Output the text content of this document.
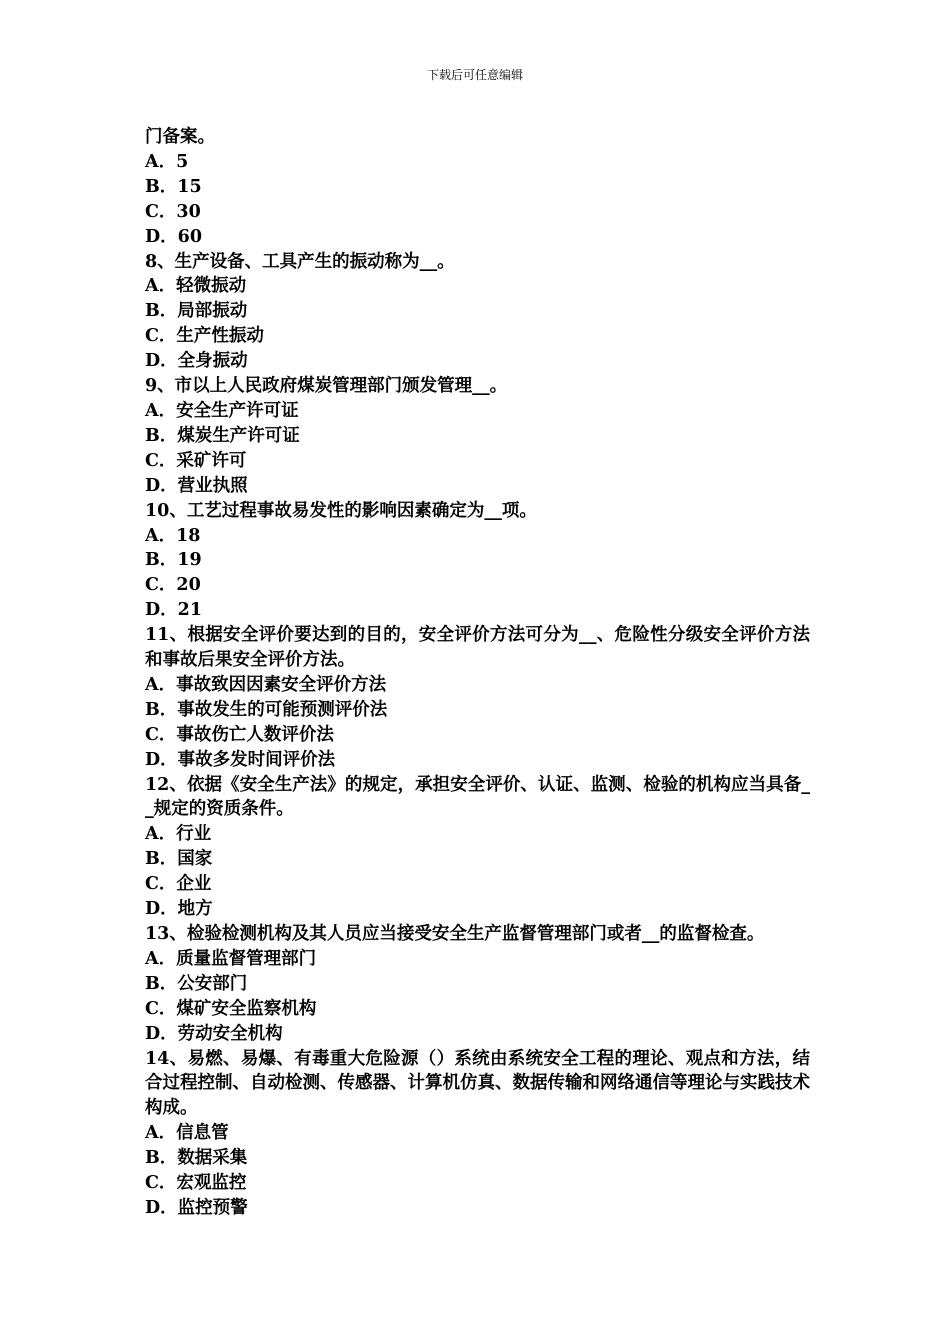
下载后可任意编辑

门备案。

A．5

B．15

C．30

D．60

8、生产设备、工具产生的振动称为__。

A．轻微振动

B．局部振动

C．生产性振动

D．全身振动

9、市以上人民政府煤炭管理部门颁发管理__。

A．安全生产许可证

B．煤炭生产许可证

C．采矿许可

D．营业执照

10、工艺过程事故易发性的影响因素确定为__项。

A．18

B．19

C．20

D．21

11、根据安全评价要达到的目的，安全评价方法可分为__、危险性分级安全评价方法和事故后果安全评价方法。

A．事故致因因素安全评价方法

B．事故发生的可能预测评价法

C．事故伤亡人数评价法

D．事故多发时间评价法

12、依据《安全生产法》的规定，承担安全评价、认证、监测、检验的机构应当具备__规定的资质条件。

A．行业

B．国家

C．企业

D．地方

13、检验检测机构及其人员应当接受安全生产监督管理部门或者__的监督检查。

A．质量监督管理部门

B．公安部门

C．煤矿安全监察机构

D．劳动安全机构

14、易燃、易爆、有毒重大危险源（）系统由系统安全工程的理论、观点和方法，结合过程控制、自动检测、传感器、计算机仿真、数据传输和网络通信等理论与实践技术构成。

A．信息管

B．数据采集

C．宏观监控

D．监控预警
